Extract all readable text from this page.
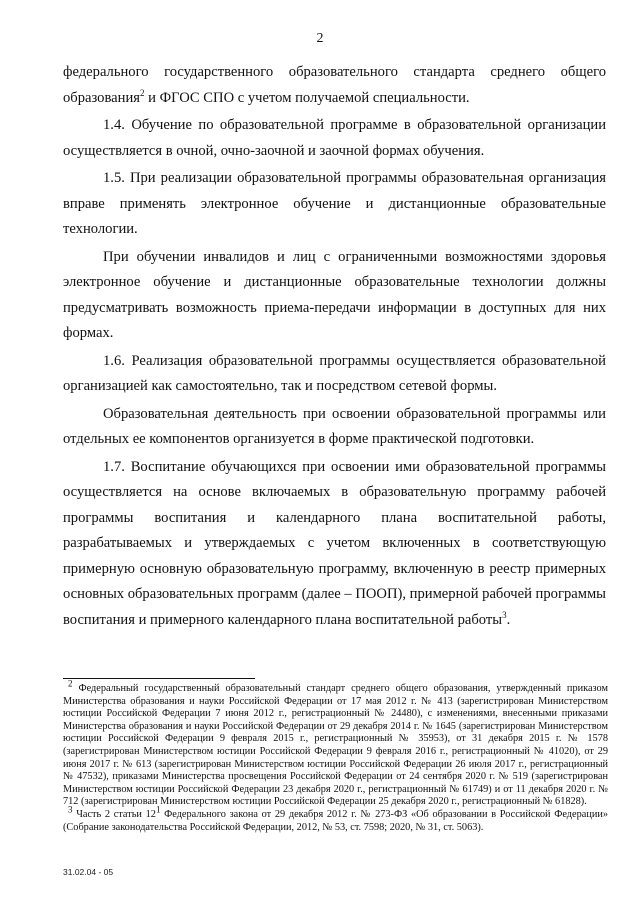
2

федерального государственного образовательного стандарта среднего общего образования$^2$ и ФГОС СПО с учетом получаемой специальности.

1.4. Обучение по образовательной программе в образовательной организации осуществляется в очной, очно-заочной и заочной формах обучения.

1.5. При реализации образовательной программы образовательная организация вправе применять электронное обучение и дистанционные образовательные технологии.

При обучении инвалидов и лиц с ограниченными возможностями здоровья электронное обучение и дистанционные образовательные технологии должны предусматривать возможность приема-передачи информации в доступных для них формах.

1.6. Реализация образовательной программы осуществляется образовательной организацией как самостоятельно, так и посредством сетевой формы.

Образовательная деятельность при освоении образовательной программы или отдельных ее компонентов организуется в форме практической подготовки.

1.7. Воспитание обучающихся при освоении ими образовательной программы осуществляется на основе включаемых в образовательную программу рабочей программы воспитания и календарного плана воспитательной работы, разрабатываемых и утверждаемых с учетом включенных в соответствующую примерную основную образовательную программу, включенную в реестр примерных основных образовательных программ (далее – ПООП), примерной рабочей программы воспитания и примерного календарного плана воспитательной работы$^3$.

$^2$ Федеральный государственный образовательный стандарт среднего общего образования, утвержденный приказом Министерства образования и науки Российской Федерации от 17 мая 2012 г. № 413 (зарегистрирован Министерством юстиции Российской Федерации 7 июня 2012 г., регистрационный № 24480), с изменениями, внесенными приказами Министерства образования и науки Российской Федерации от 29 декабря 2014 г. № 1645 (зарегистрирован Министерством юстиции Российской Федерации 9 февраля 2015 г., регистрационный № 35953), от 31 декабря 2015 г. № 1578 (зарегистрирован Министерством юстиции Российской Федерации 9 февраля 2016 г., регистрационный № 41020), от 29 июня 2017 г. № 613 (зарегистрирован Министерством юстиции Российской Федерации 26 июля 2017 г., регистрационный № 47532), приказами Министерства просвещения Российской Федерации от 24 сентября 2020 г. № 519 (зарегистрирован Министерством юстиции Российской Федерации 23 декабря 2020 г., регистрационный № 61749) и от 11 декабря 2020 г. № 712 (зарегистрирован Министерством юстиции Российской Федерации 25 декабря 2020 г., регистрационный № 61828).

$^3$ Часть 2 статьи $12^1$ Федерального закона от 29 декабря 2012 г. № 273-ФЗ «Об образовании в Российской Федерации» (Собрание законодательства Российской Федерации, 2012, № 53, ст. 7598; 2020, № 31, ст. 5063).

31.02.04 - 05
